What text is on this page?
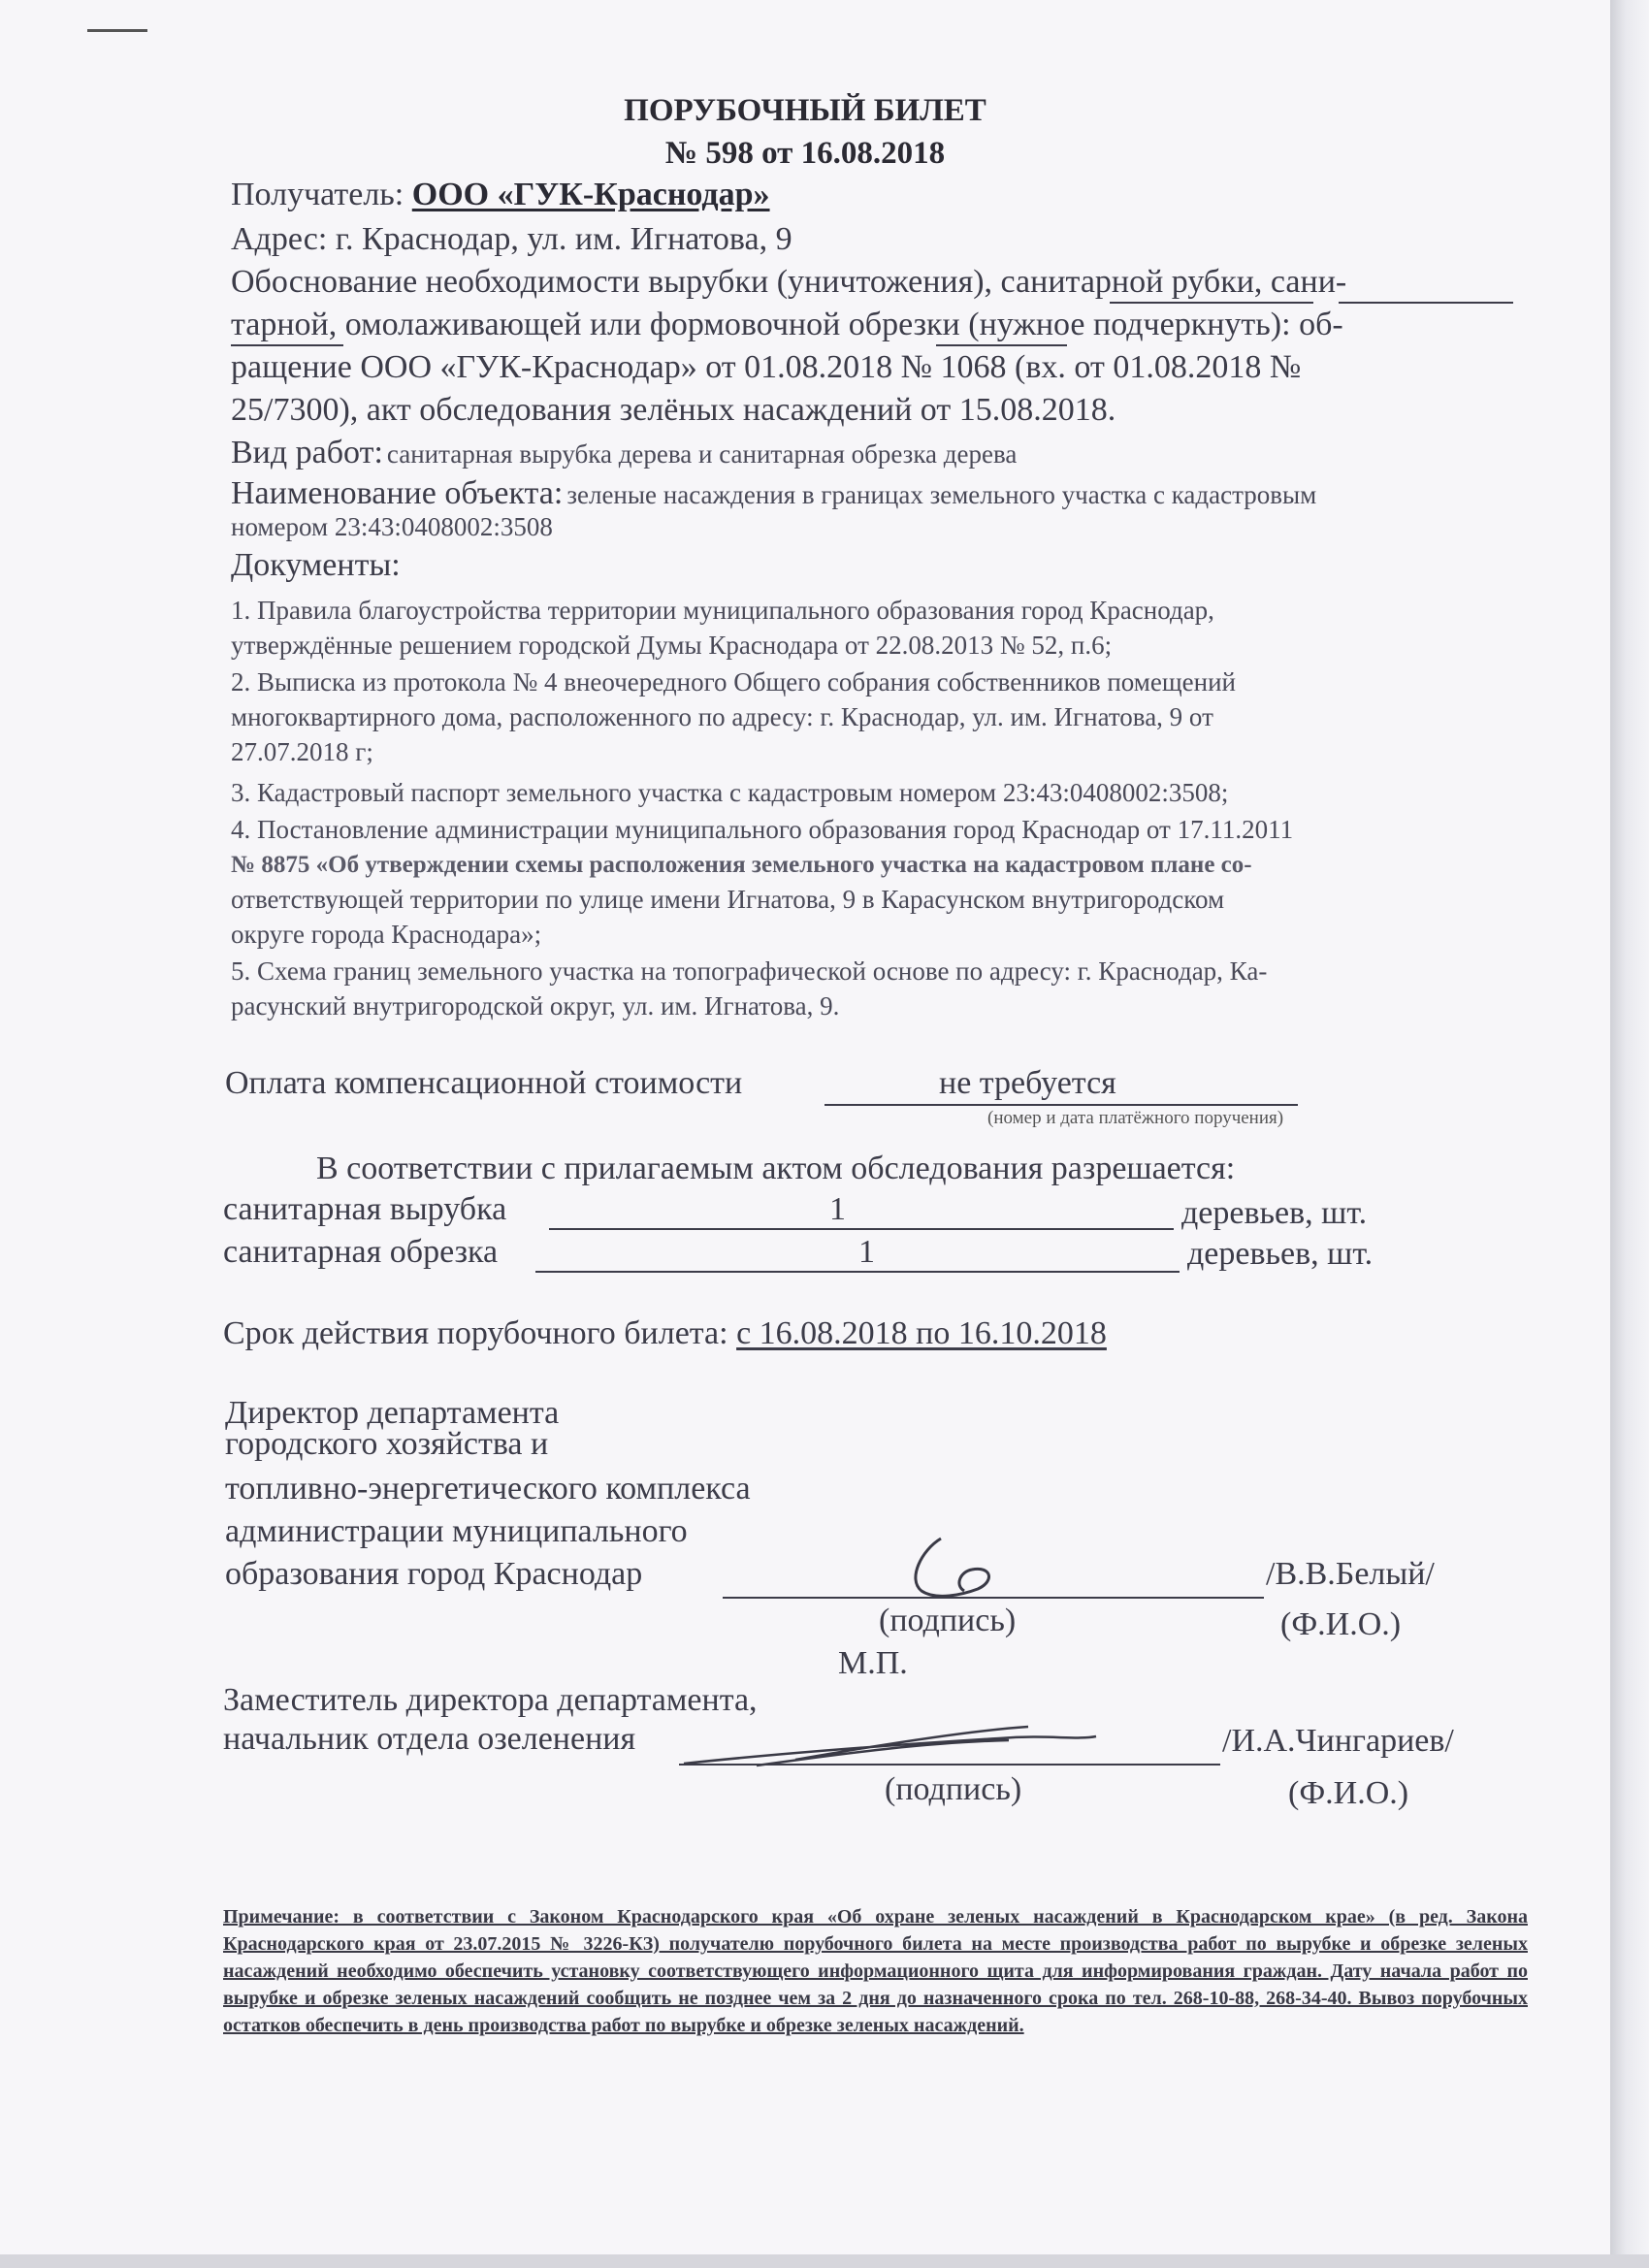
ПОРУБОЧНЫЙ БИЛЕТ
№ 598 от 16.08.2018
Получатель: ООО «ГУК-Краснодар»
Адрес: г. Краснодар, ул. им. Игнатова, 9
Обоснование необходимости вырубки (уничтожения), санитарной рубки, сани-
тарной, омолаживающей или формовочной обрезки (нужное подчеркнуть): об-
ращение ООО «ГУК-Краснодар» от 01.08.2018 № 1068 (вх. от 01.08.2018 №
25/7300), акт обследования зелёных насаждений от 15.08.2018.
Вид работ: санитарная вырубка дерева и санитарная обрезка дерева
Наименование объекта: зеленые насаждения в границах земельного участка с кадастровым
номером 23:43:0408002:3508
Документы:
1. Правила благоустройства территории муниципального образования город Краснодар,
утверждённые решением городской Думы Краснодара от 22.08.2013 № 52, п.6;
2. Выписка из протокола № 4 внеочередного Общего собрания собственников помещений
многоквартирного дома, расположенного по адресу: г. Краснодар, ул. им. Игнатова, 9 от
27.07.2018 г;
3. Кадастровый паспорт земельного участка с кадастровым номером 23:43:0408002:3508;
4. Постановление администрации муниципального образования город Краснодар от 17.11.2011
№ 8875 «Об утверждении схемы расположения земельного участка на кадастровом плане со-
ответствующей территории по улице имени Игнатова, 9 в Карасунском внутригородском
округе города Краснодара»;
5. Схема границ земельного участка на топографической основе по адресу: г. Краснодар, Ка-
расунский внутригородской округ, ул. им. Игнатова, 9.
Оплата компенсационной стоимости	не требуется
(номер и дата платёжного поручения)
В соответствии с прилагаемым актом обследования разрешается:
санитарная вырубка	1	деревьев, шт.
санитарная обрезка	1	деревьев, шт.
Срок действия порубочного билета: с 16.08.2018 по 16.10.2018
Директор департамента
городского хозяйства и
топливно-энергетического комплекса
администрации муниципального
образования город Краснодар	/В.В.Белый/
(подпись)	(Ф.И.О.)
М.П.
Заместитель директора департамента,
начальник отдела озеленения	/И.А.Чингариев/
(подпись)	(Ф.И.О.)
Примечание: в соответствии с Законом Краснодарского края «Об охране зеленых насаждений в Краснодарском крае» (в ред. Закона Краснодарского края от 23.07.2015 № 3226-КЗ) получателю порубочного билета на месте производства работ по вырубке и обрезке зеленых насаждений необходимо обеспечить установку соответствующего информационного щита для информирования граждан. Дату начала работ по вырубке и обрезке зеленых насаждений сообщить не позднее чем за 2 дня до назначенного срока по тел. 268-10-88, 268-34-40. Вывоз порубочных остатков обеспечить в день производства работ по вырубке и обрезке зеленых насаждений.
